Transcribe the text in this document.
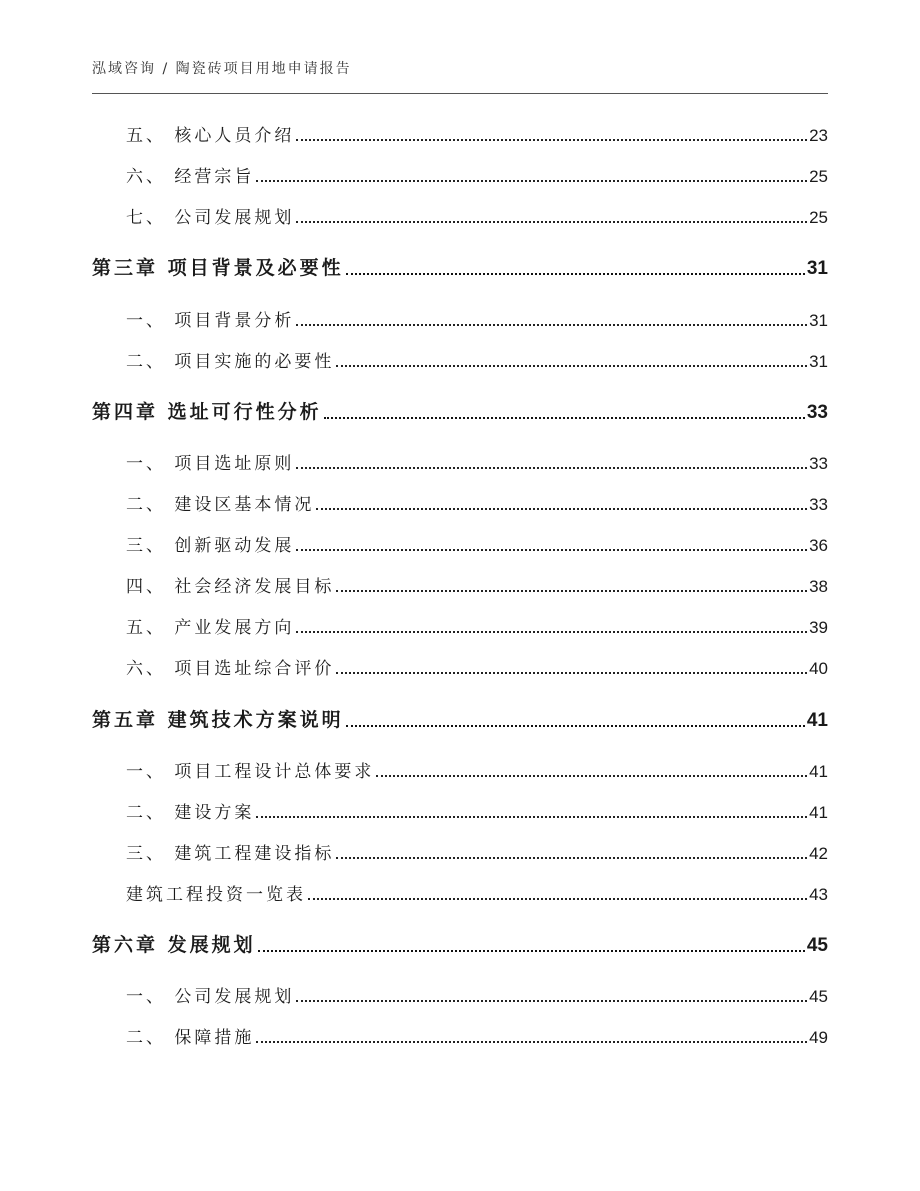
泓域咨询 / 陶瓷砖项目用地申请报告
五、 核心人员介绍	23
六、 经营宗旨	25
七、 公司发展规划	25
第三章 项目背景及必要性	31
一、 项目背景分析	31
二、 项目实施的必要性	31
第四章 选址可行性分析	33
一、 项目选址原则	33
二、 建设区基本情况	33
三、 创新驱动发展	36
四、 社会经济发展目标	38
五、 产业发展方向	39
六、 项目选址综合评价	40
第五章 建筑技术方案说明	41
一、 项目工程设计总体要求	41
二、 建设方案	41
三、 建筑工程建设指标	42
建筑工程投资一览表	43
第六章 发展规划	45
一、 公司发展规划	45
二、 保障措施	49
